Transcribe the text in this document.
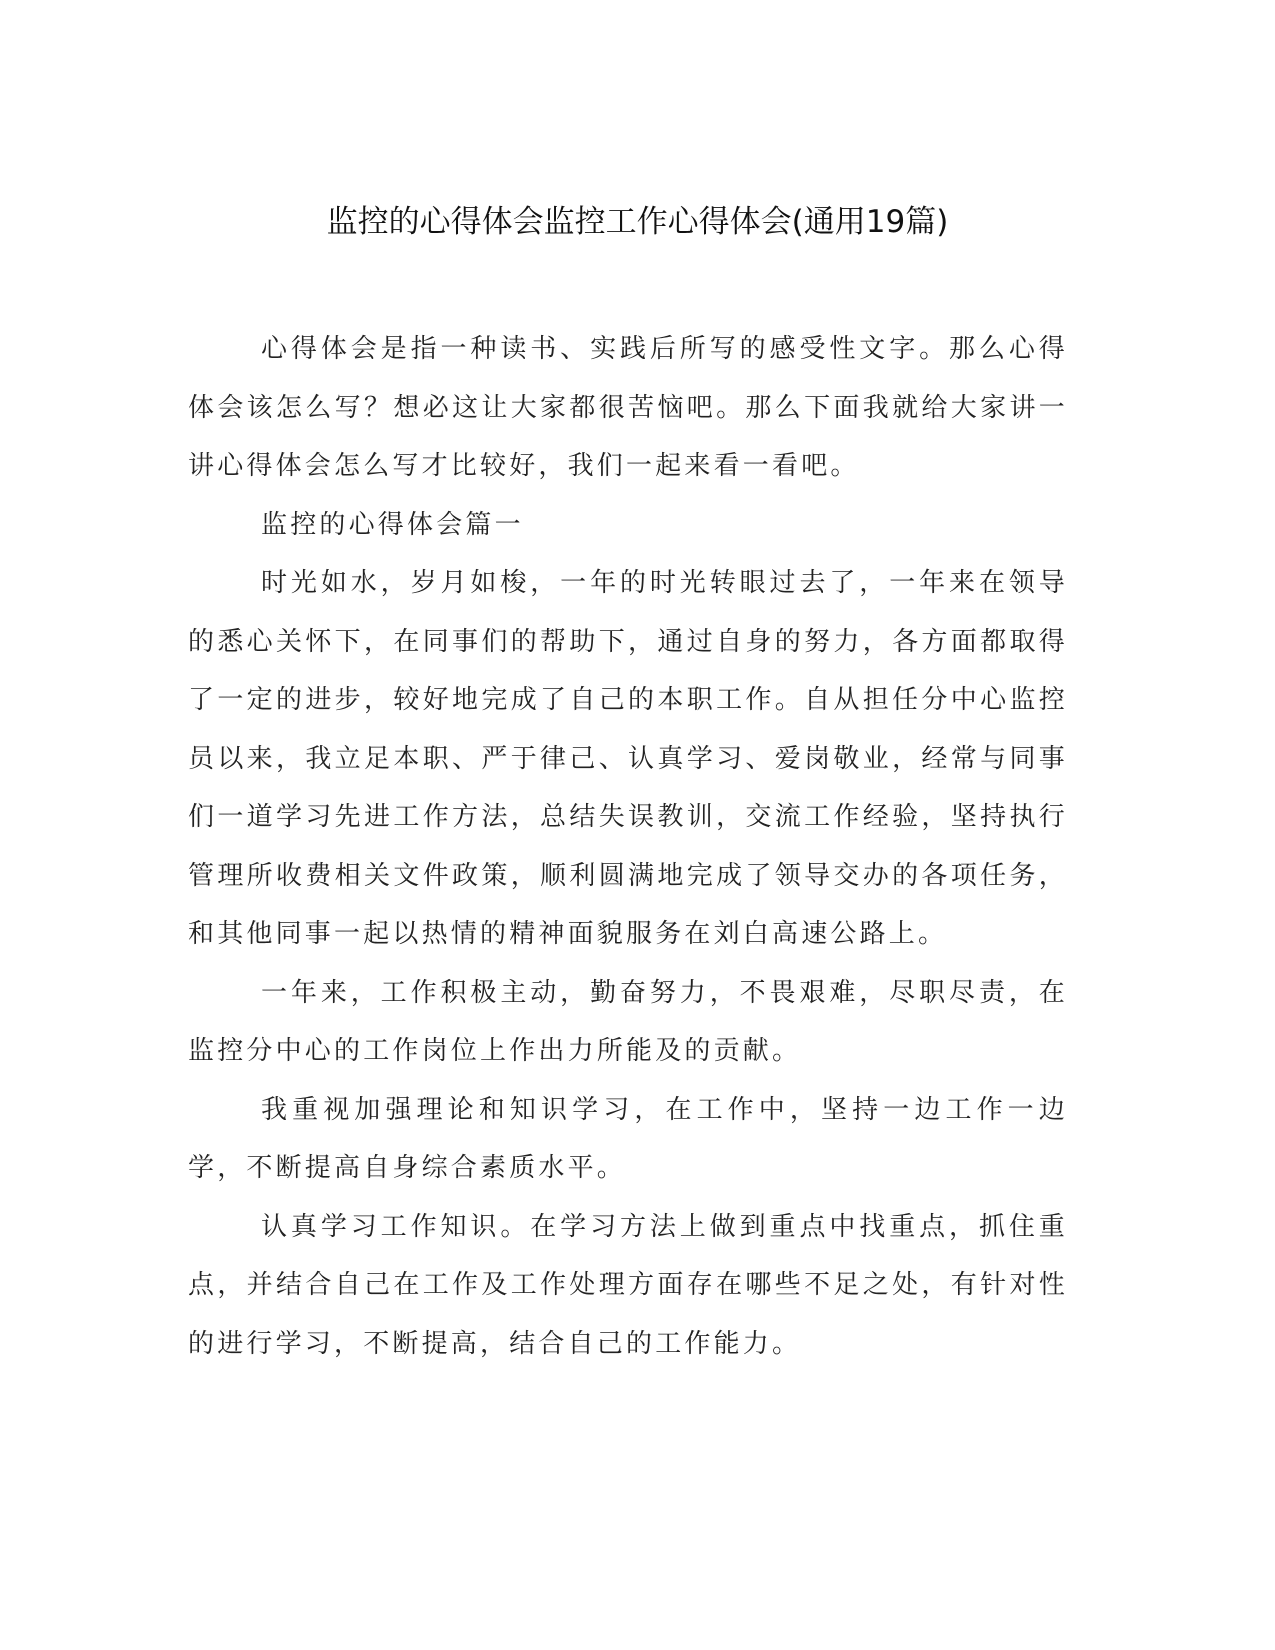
监控的心得体会监控工作心得体会(通用19篇)

心得体会是指一种读书、实践后所写的感受性文字。那么心得体会该怎么写？想必这让大家都很苦恼吧。那么下面我就给大家讲一讲心得体会怎么写才比较好，我们一起来看一看吧。

监控的心得体会篇一

时光如水，岁月如梭，一年的时光转眼过去了，一年来在领导的悉心关怀下，在同事们的帮助下，通过自身的努力，各方面都取得了一定的进步，较好地完成了自己的本职工作。自从担任分中心监控员以来，我立足本职、严于律己、认真学习、爱岗敬业，经常与同事们一道学习先进工作方法，总结失误教训，交流工作经验，坚持执行管理所收费相关文件政策，顺利圆满地完成了领导交办的各项任务，和其他同事一起以热情的精神面貌服务在刘白高速公路上。

一年来，工作积极主动，勤奋努力，不畏艰难，尽职尽责，在监控分中心的工作岗位上作出力所能及的贡献。

我重视加强理论和知识学习，在工作中，坚持一边工作一边学，不断提高自身综合素质水平。

认真学习工作知识。在学习方法上做到重点中找重点，抓住重点，并结合自己在工作及工作处理方面存在哪些不足之处，有针对性的进行学习，不断提高，结合自己的工作能力。
